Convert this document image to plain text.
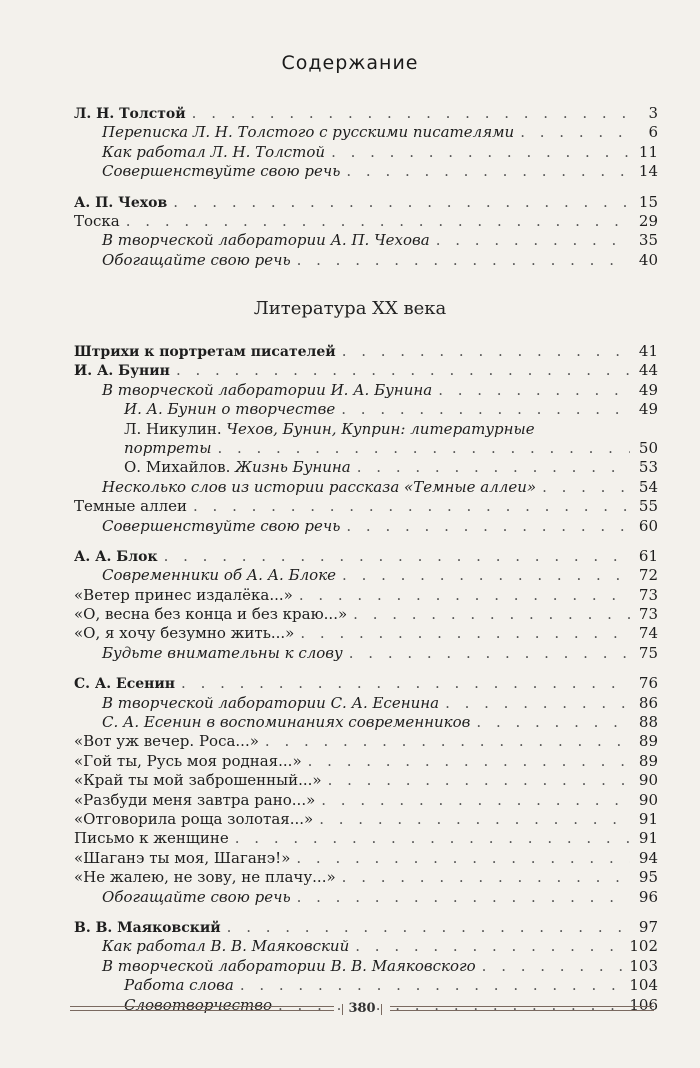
Содержание
Л. Н. Толстой . . .	3
Переписка Л. Н. Толстого с русскими писателями . . .	6
Как работал Л. Н. Толстой . . .	11
Совершенствуйте свою речь . . .	14
А. П. Чехов . . .	15
Тоска . . .	29
В творческой лаборатории А. П. Чехова . . .	35
Обогащайте свою речь . . .	40
Литература XX века
Штрихи к портретам писателей . . .	41
И. А. Бунин . . .	44
В творческой лаборатории И. А. Бунина . . .	49
И. А. Бунин о творчестве . . .	49
Л. Никулин. Чехов, Бунин, Куприн: литературные
портреты . . .	50
О. Михайлов. Жизнь Бунина . . .	53
Несколько слов из истории рассказа «Темные аллеи» . . .	54
Темные аллеи . . .	55
Совершенствуйте свою речь . . .	60
А. А. Блок . . .	61
Современники об А. А. Блоке . . .	72
«Ветер принес издалёка...» . . .	73
«О, весна без конца и без краю...» . . .	73
«О, я хочу безумно жить...» . . .	74
Будьте внимательны к слову . . .	75
С. А. Есенин . . .	76
В творческой лаборатории С. А. Есенина . . .	86
С. А. Есенин в воспоминаниях современников . . .	88
«Вот уж вечер. Роса...» . . .	89
«Гой ты, Русь моя родная...» . . .	89
«Край ты мой заброшенный...» . . .	90
«Разбуди меня завтра рано...» . . .	90
«Отговорила роща золотая...» . . .	91
Письмо к женщине . . .	91
«Шаганэ ты моя, Шаганэ!» . . .	94
«Не жалею, не зову, не плачу...» . . .	95
Обогащайте свою речь . . .	96
В. В. Маяковский . . .	97
Как работал В. В. Маяковский . . .	102
В творческой лаборатории В. В. Маяковского . . .	103
Работа слова . . .	104
Словотворчество . . .	106
380
